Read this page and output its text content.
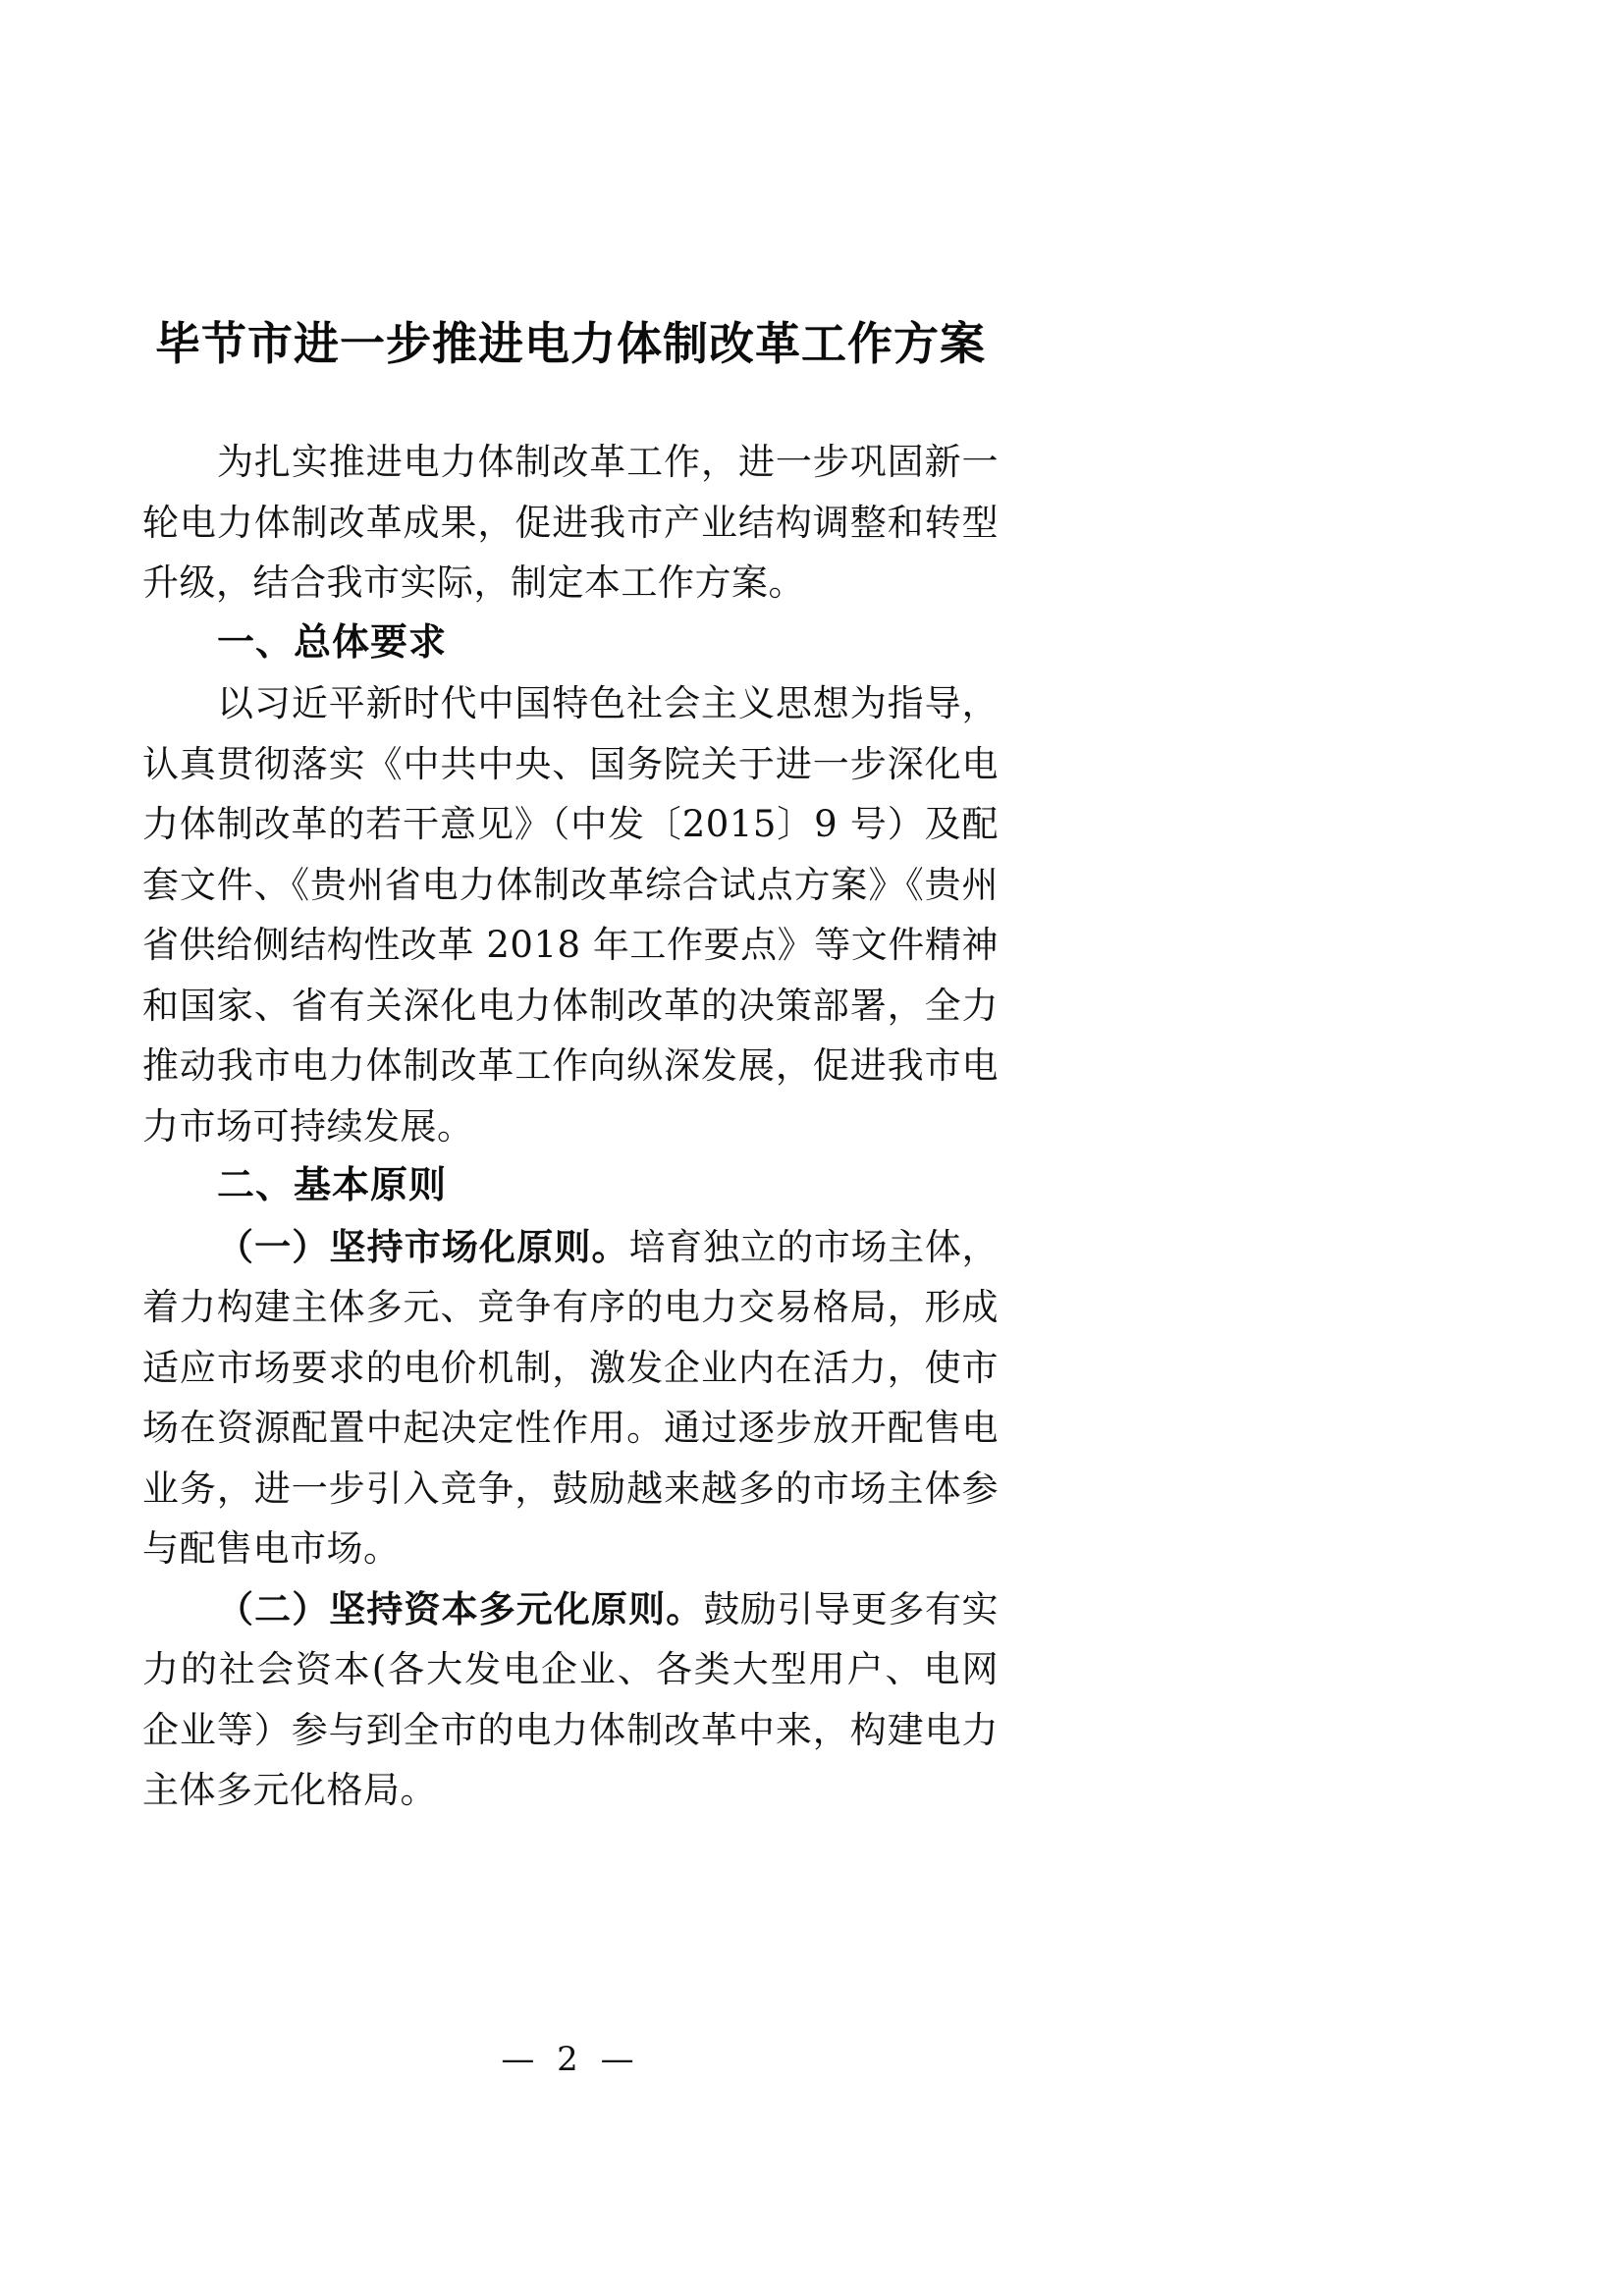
毕节市进一步推进电力体制改革工作方案

为扎实推进电力体制改革工作，进一步巩固新一轮电力体制改革成果，促进我市产业结构调整和转型升级，结合我市实际，制定本工作方案。

一、总体要求

以习近平新时代中国特色社会主义思想为指导，认真贯彻落实《中共中央、国务院关于进一步深化电力体制改革的若干意见》（中发〔2015〕9 号）及配套文件、《贵州省电力体制改革综合试点方案》《贵州省供给侧结构性改革 2018 年工作要点》等文件精神和国家、省有关深化电力体制改革的决策部署，全力推动我市电力体制改革工作向纵深发展，促进我市电力市场可持续发展。

二、基本原则

（一）坚持市场化原则。培育独立的市场主体，着力构建主体多元、竞争有序的电力交易格局，形成适应市场要求的电价机制，激发企业内在活力，使市场在资源配置中起决定性作用。通过逐步放开配售电业务，进一步引入竞争，鼓励越来越多的市场主体参与配售电市场。

（二）坚持资本多元化原则。鼓励引导更多有实力的社会资本(各大发电企业、各类大型用户、电网企业等）参与到全市的电力体制改革中来，构建电力主体多元化格局。

— 2 —
